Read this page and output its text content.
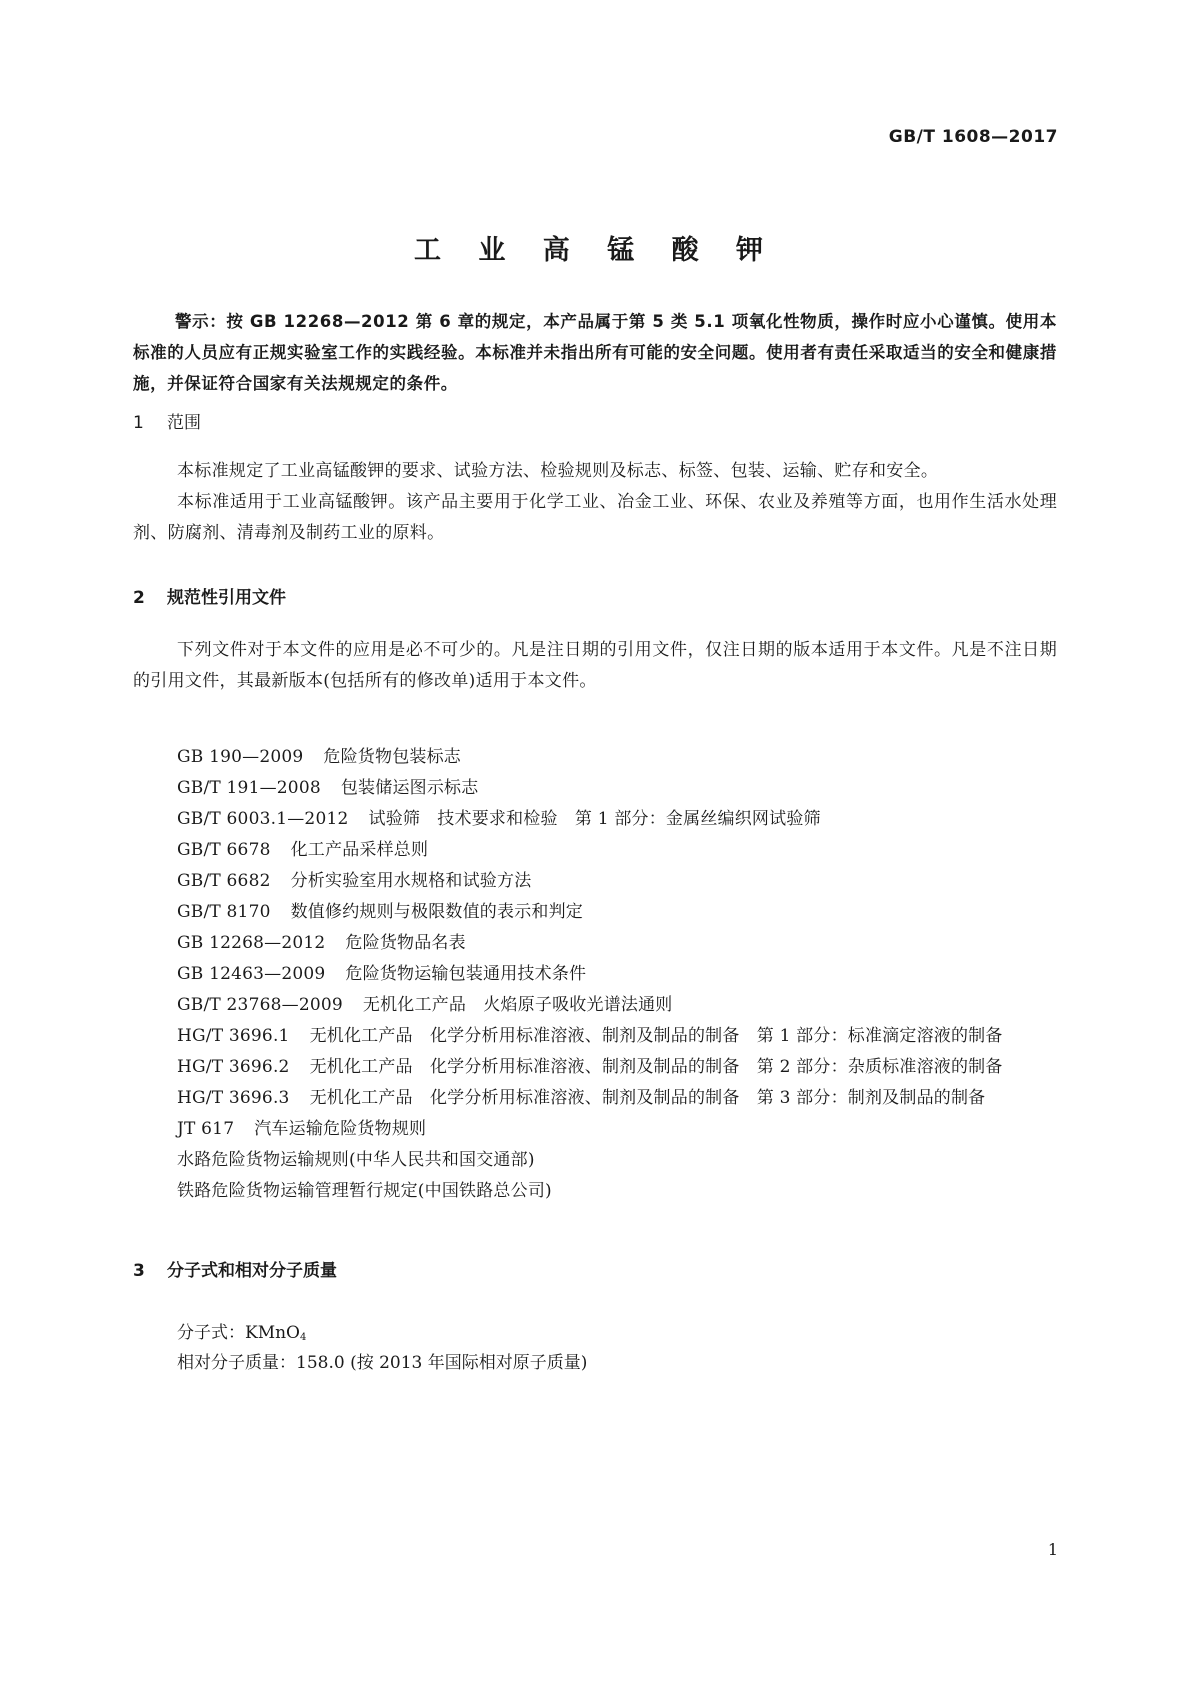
GB/T 1608—2017
工 业 高 锰 酸 钾
警示：按 GB 12268—2012 第 6 章的规定，本产品属于第 5 类 5.1 项氧化性物质，操作时应小心谨慎。使用本标准的人员应有正规实验室工作的实践经验。本标准并未指出所有可能的安全问题。使用者有责任采取适当的安全和健康措施，并保证符合国家有关法规规定的条件。
1 范围
本标准规定了工业高锰酸钾的要求、试验方法、检验规则及标志、标签、包装、运输、贮存和安全。
本标准适用于工业高锰酸钾。该产品主要用于化学工业、冶金工业、环保、农业及养殖等方面，也用作生活水处理剂、防腐剂、清毒剂及制药工业的原料。
2 规范性引用文件
下列文件对于本文件的应用是必不可少的。凡是注日期的引用文件，仅注日期的版本适用于本文件。凡是不注日期的引用文件，其最新版本(包括所有的修改单)适用于本文件。
GB 190—2009 危险货物包装标志
GB/T 191—2008 包装储运图示标志
GB/T 6003.1—2012 试验筛　技术要求和检验　第 1 部分：金属丝编织网试验筛
GB/T 6678 化工产品采样总则
GB/T 6682 分析实验室用水规格和试验方法
GB/T 8170 数值修约规则与极限数值的表示和判定
GB 12268—2012 危险货物品名表
GB 12463—2009 危险货物运输包装通用技术条件
GB/T 23768—2009 无机化工产品　火焰原子吸收光谱法通则
HG/T 3696.1 无机化工产品　化学分析用标准溶液、制剂及制品的制备　第 1 部分：标准滴定溶液的制备
HG/T 3696.2 无机化工产品　化学分析用标准溶液、制剂及制品的制备　第 2 部分：杂质标准溶液的制备
HG/T 3696.3 无机化工产品　化学分析用标准溶液、制剂及制品的制备　第 3 部分：制剂及制品的制备
JT 617 汽车运输危险货物规则
水路危险货物运输规则(中华人民共和国交通部)
铁路危险货物运输管理暂行规定(中国铁路总公司)
3 分子式和相对分子质量
分子式：KMnO$_4$
相对分子质量：158.0 (按 2013 年国际相对原子质量)
1
